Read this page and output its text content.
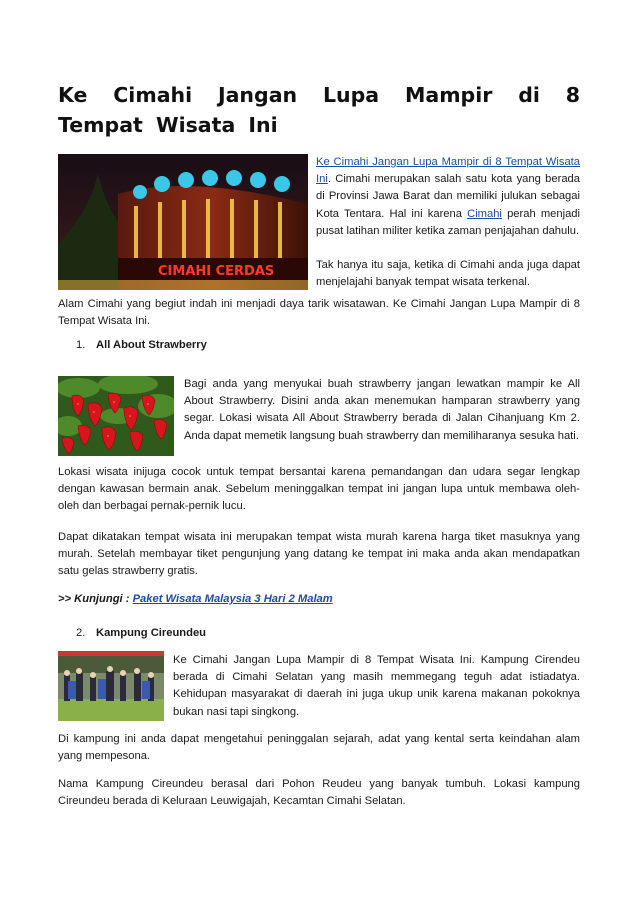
Ke Cimahi Jangan Lupa Mampir di 8 Tempat Wisata Ini
CIMAHI CERDAS

Ke Cimahi Jangan Lupa Mampir di 8 Tempat Wisata Ini. Cimahi merupakan salah satu kota yang berada di Provinsi Jawa Barat dan memiliki julukan sebagai Kota Tentara. Hal ini karena Cimahi perah menjadi pusat latihan militer ketika zaman penjajahan dahulu.

Tak hanya itu saja, ketika di Cimahi anda juga dapat menjelajahi banyak tempat wisata terkenal.

Alam Cimahi yang begiut indah ini menjadi daya tarik wisatawan. Ke Cimahi Jangan Lupa Mampir di 8 Tempat Wisata Ini.

1. All About Strawberry

Bagi anda yang menyukai buah strawberry jangan lewatkan mampir ke All About Strawberry. Disini anda akan menemukan hamparan strawberry yang segar. Lokasi wisata All About Strawberry berada di Jalan Cihanjuang Km 2. Anda dapat memetik langsung buah strawberry dan memiliharanya sesuka hati.

Lokasi wisata inijuga cocok untuk tempat bersantai karena pemandangan dan udara segar lengkap dengan kawasan bermain anak. Sebelum meninggalkan tempat ini jangan lupa untuk membawa oleh-oleh dan berbagai pernak-pernik lucu.

Dapat dikatakan tempat wisata ini merupakan tempat wista murah karena harga tiket masuknya yang murah. Setelah membayar tiket pengunjung yang datang ke tempat ini maka anda akan mendapatkan satu gelas strawberry gratis.

>> Kunjungi : Paket Wisata Malaysia 3 Hari 2 Malam

2. Kampung Cireundeu

Ke Cimahi Jangan Lupa Mampir di 8 Tempat Wisata Ini. Kampung Cirendeu berada di Cimahi Selatan yang masih memmegang teguh adat istiadatya. Kehidupan masyarakat di daerah ini juga ukup unik karena makanan pokoknya bukan nasi tapi singkong.

Di kampung ini anda dapat mengetahui peninggalan sejarah, adat yang kental serta keindahan alam yang mempesona.

Nama Kampung Cireundeu berasal dari Pohon Reudeu yang banyak tumbuh. Lokasi kampung Cireundeu berada di Keluraan Leuwigajah, Kecamtan Cimahi Selatan.
